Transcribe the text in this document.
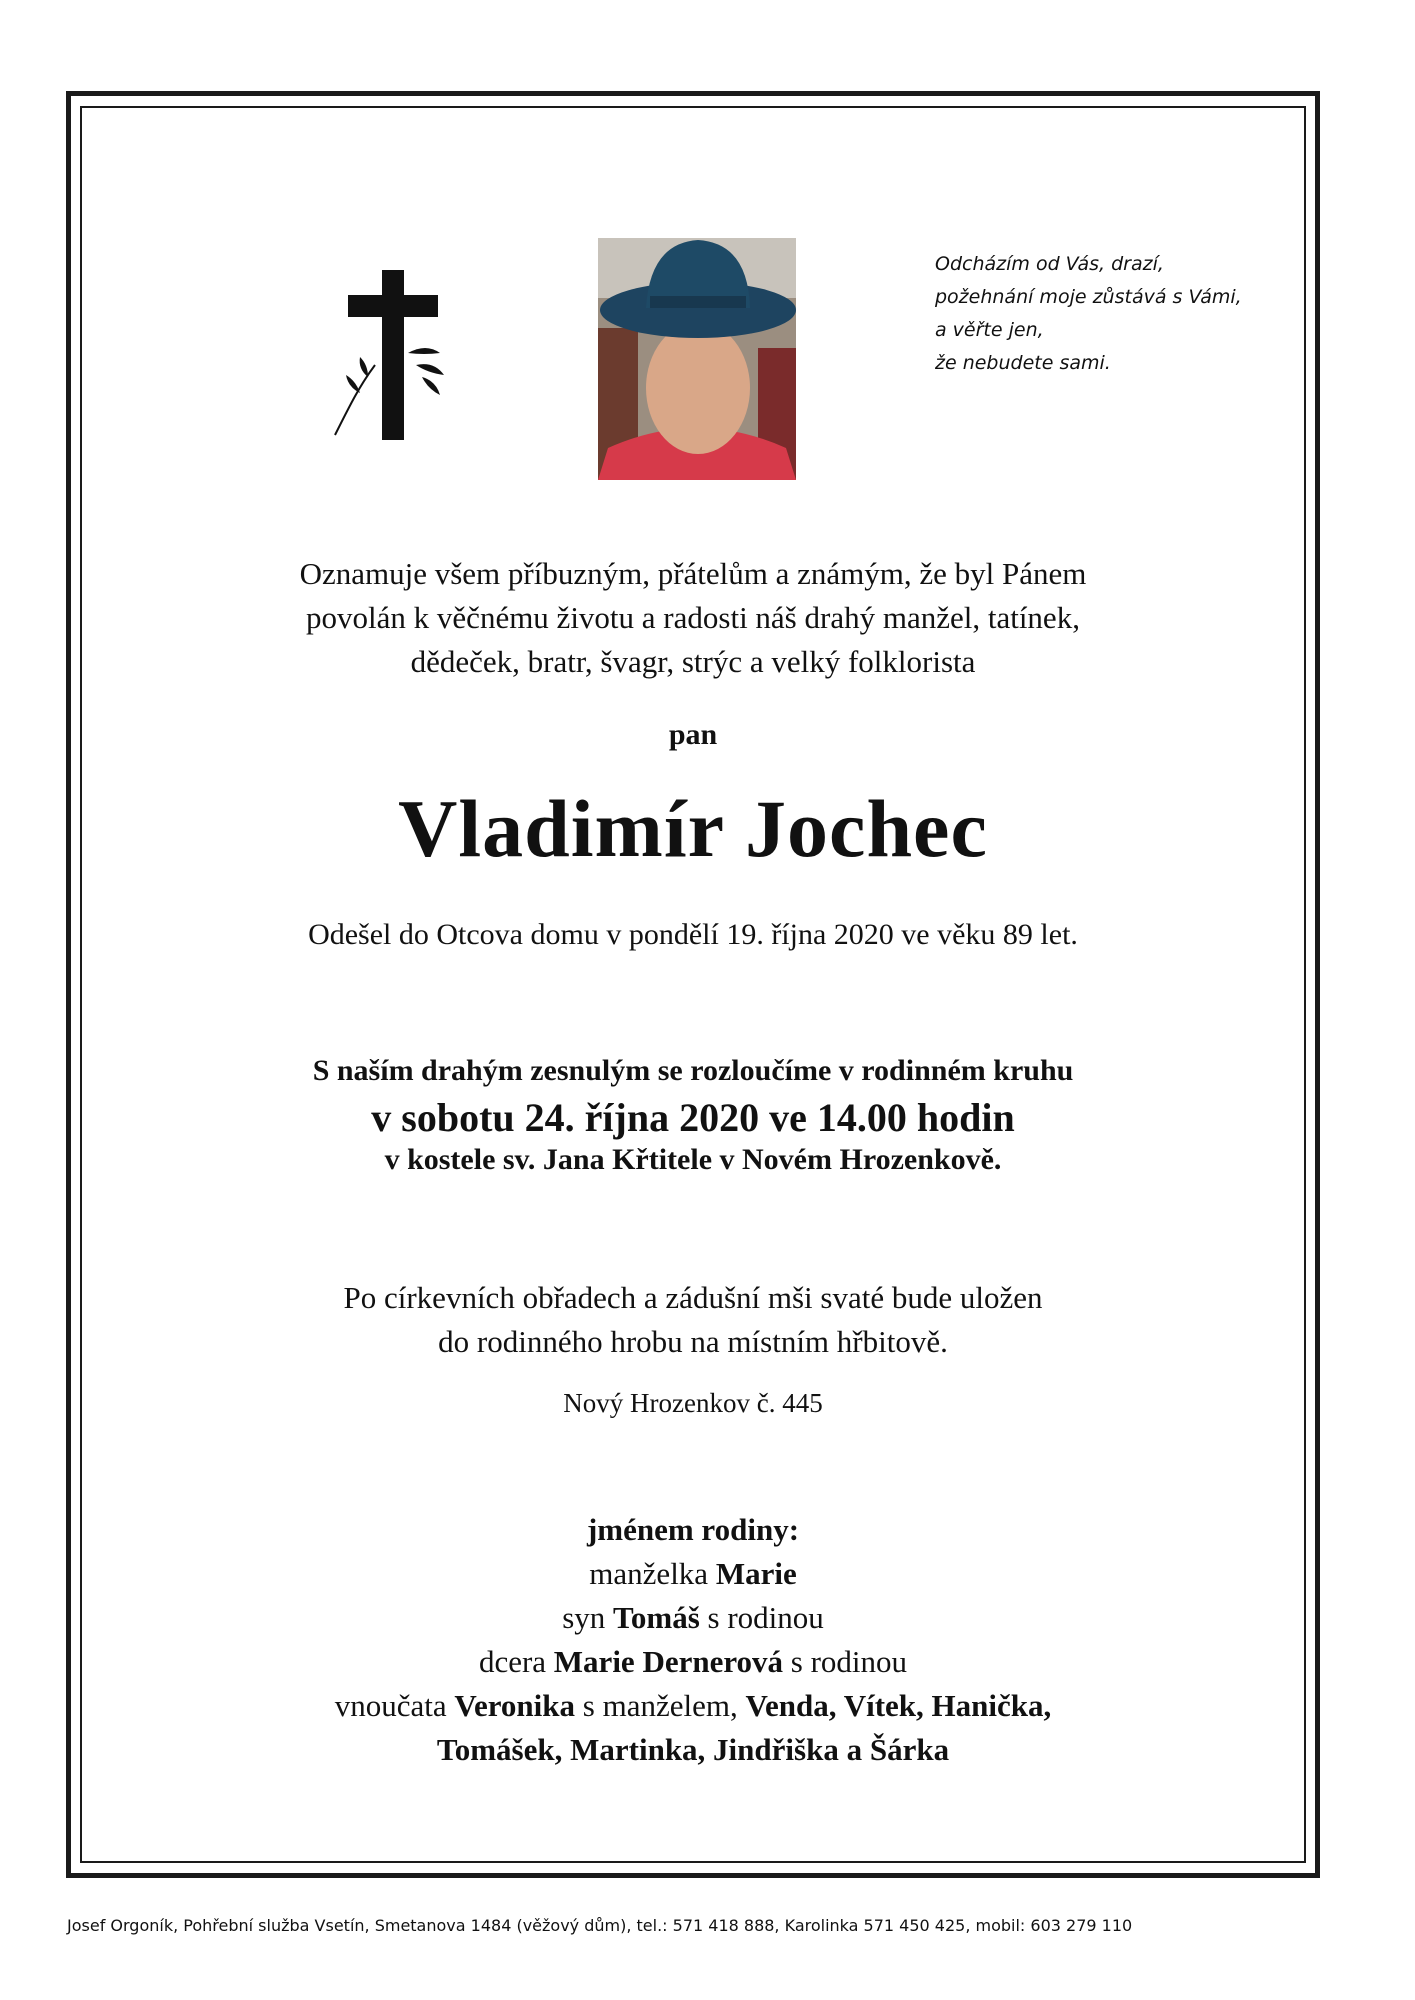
Odcházím od Vás, drazí,
požehnání moje zůstává s Vámi,
a věřte jen,
že nebudete sami.
Oznamuje všem příbuzným, přátelům a známým, že byl Pánem
povolán k věčnému životu a radosti náš drahý manžel, tatínek,
dědeček, bratr, švagr, strýc a velký folklorista
pan
Vladimír Jochec
Odešel do Otcova domu v pondělí 19. října 2020 ve věku 89 let.
S naším drahým zesnulým se rozloučíme v rodinném kruhu
v sobotu 24. října 2020 ve 14.00 hodin
v kostele sv. Jana Křtitele v Novém Hrozenkově.
Po církevních obřadech a zádušní mši svaté bude uložen
do rodinného hrobu na místním hřbitově.
Nový Hrozenkov č. 445
jménem rodiny:
manželka Marie
syn Tomáš s rodinou
dcera Marie Dernerová s rodinou
vnoučata Veronika s manželem, Venda, Vítek, Hanička,
Tomášek, Martinka, Jindřiška a Šárka
Josef Orgoník, Pohřební služba Vsetín, Smetanova 1484 (věžový dům), tel.: 571 418 888, Karolinka 571 450 425, mobil: 603 279 110
